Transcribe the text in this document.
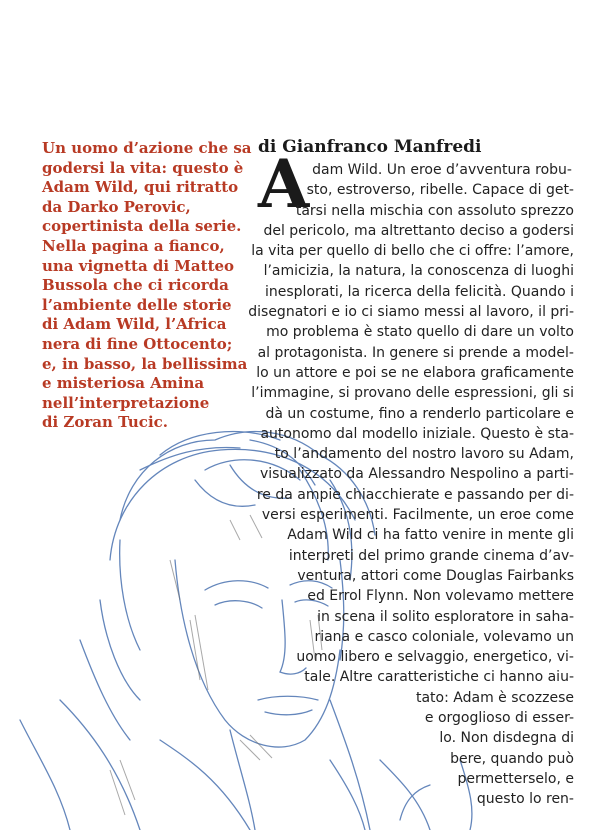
Un uomo d’azione che sa
godersi la vita: questo è
Adam Wild, qui ritratto
da Darko Perovic,
copertinista della serie.
Nella pagina a fianco,
una vignetta di Matteo
Bussola che ci ricorda
l’ambiente delle storie
di Adam Wild, l’Africa
nera di fine Ottocento;
e, in basso, la bellissima
e misteriosa Amina
nell’interpretazione
di Zoran Tucic.
di Gianfranco Manfredi
A dam Wild. Un eroe d’avventura robu-
sto, estroverso, ribelle. Capace di get-
tarsi nella mischia con assoluto sprezzo
del pericolo, ma altrettanto deciso a godersi
la vita per quello di bello che ci offre: l’amore,
l’amicizia, la natura, la conoscenza di luoghi
inesplorati, la ricerca della felicità. Quando i
disegnatori e io ci siamo messi al lavoro, il pri-
mo problema è stato quello di dare un volto
al protagonista. In genere si prende a model-
lo un attore e poi se ne elabora graficamente
l’immagine, si provano delle espressioni, gli si
dà un costume, fino a renderlo particolare e
autonomo dal modello iniziale. Questo è sta-
to l’andamento del nostro lavoro su Adam,
visualizzato da Alessandro Nespolino a parti-
re da ampie chiacchierate e passando per di-
versi esperimenti. Facilmente, un eroe come
Adam Wild ci ha fatto venire in mente gli
interpreti del primo grande cinema d’av-
ventura, attori come Douglas Fairbanks
ed Errol Flynn. Non volevamo mettere
in scena il solito esploratore in saha-
riana e casco coloniale, volevamo un
uomo libero e selvaggio, energetico, vi-
tale. Altre caratteristiche ci hanno aiu-
tato: Adam è scozzese
e orgoglioso di esser-
lo. Non disdegna di
bere, quando può
permetterselo, e
questo lo ren-
